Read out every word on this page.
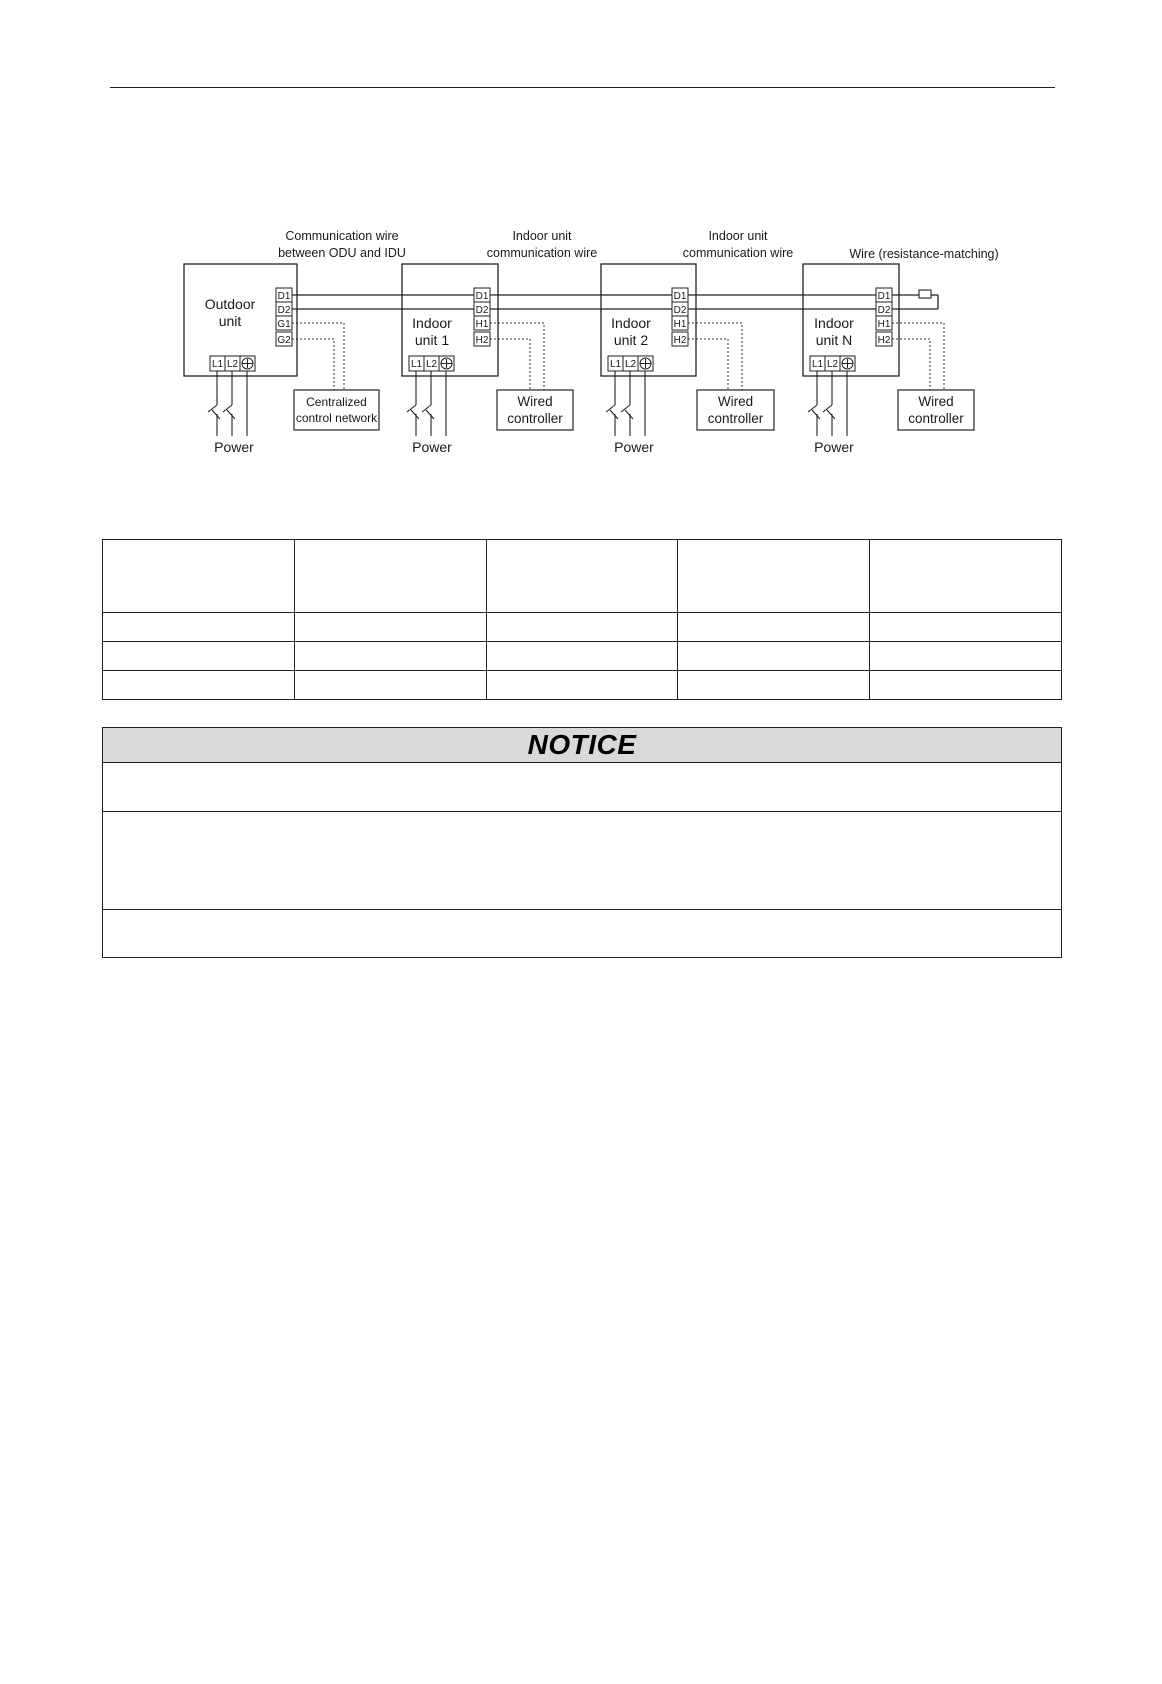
Communication wire
between ODU and IDU
Indoor unit
communication wire
Indoor unit
communication wire	Wire (resistance-matching)
Outdoor
unit
D1
D2
G1
G2
L1 L2
Power
Centralized
control network
Indoor
unit 1
D1
D2
H1
H2
L1 L2
Power
Wired
controller
Indoor
unit 2
D1
D2
H1
H2
L1 L2
Power
Wired
controller
Indoor
unit N
D1
D2
H1
H2
L1 L2
Power
Wired
controller

NOTICE
